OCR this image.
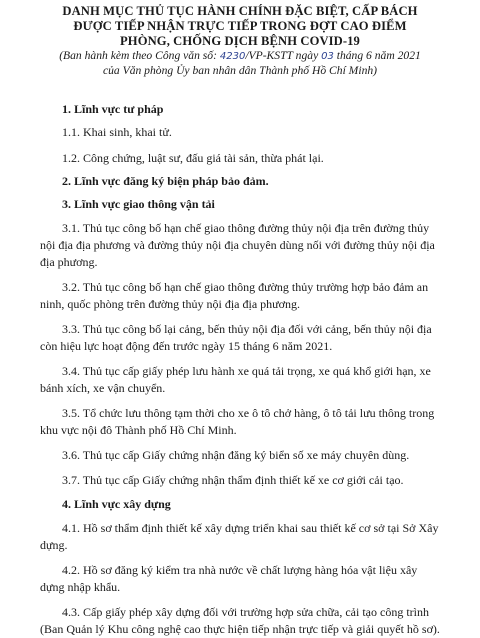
DANH MỤC THỦ TỤC HÀNH CHÍNH ĐẶC BIỆT, CẤP BÁCH
ĐƯỢC TIẾP NHẬN TRỰC TIẾP TRONG ĐỢT CAO ĐIỂM
PHÒNG, CHỐNG DỊCH BỆNH COVID-19
(Ban hành kèm theo Công văn số: 4230/VP-KSTT ngày 03 tháng 6 năm 2021
của Văn phòng Ủy ban nhân dân Thành phố Hồ Chí Minh)
1. Lĩnh vực tư pháp
1.1. Khai sinh, khai tử.
1.2. Công chứng, luật sư, đấu giá tài sản, thừa phát lại.
2. Lĩnh vực đăng ký biện pháp bảo đảm.
3. Lĩnh vực giao thông vận tải

3.1. Thủ tục công bố hạn chế giao thông đường thủy nội địa trên đường thủy nội địa địa phương và đường thủy nội địa chuyên dùng nối với đường thủy nội địa địa phương.

3.2. Thủ tục công bố hạn chế giao thông đường thủy trường hợp bảo đảm an ninh, quốc phòng trên đường thủy nội địa địa phương.

3.3. Thủ tục công bố lại cảng, bến thủy nội địa đối với cảng, bến thủy nội địa còn hiệu lực hoạt động đến trước ngày 15 tháng 6 năm 2021.

3.4. Thủ tục cấp giấy phép lưu hành xe quá tải trọng, xe quá khổ giới hạn, xe bánh xích, xe vận chuyển.

3.5. Tổ chức lưu thông tạm thời cho xe ô tô chở hàng, ô tô tải lưu thông trong khu vực nội đô Thành phố Hồ Chí Minh.

3.6. Thủ tục cấp Giấy chứng nhận đăng ký biển số xe máy chuyên dùng.

3.7. Thủ tục cấp Giấy chứng nhận thẩm định thiết kế xe cơ giới cải tạo.

4. Lĩnh vực xây dựng

4.1. Hồ sơ thẩm định thiết kế xây dựng triển khai sau thiết kế cơ sở tại Sở Xây dựng.

4.2. Hồ sơ đăng ký kiểm tra nhà nước về chất lượng hàng hóa vật liệu xây dựng nhập khẩu.

4.3. Cấp giấy phép xây dựng đối với trường hợp sửa chữa, cải tạo công trình (Ban Quản lý Khu công nghệ cao thực hiện tiếp nhận trực tiếp và giải quyết hồ sơ).
